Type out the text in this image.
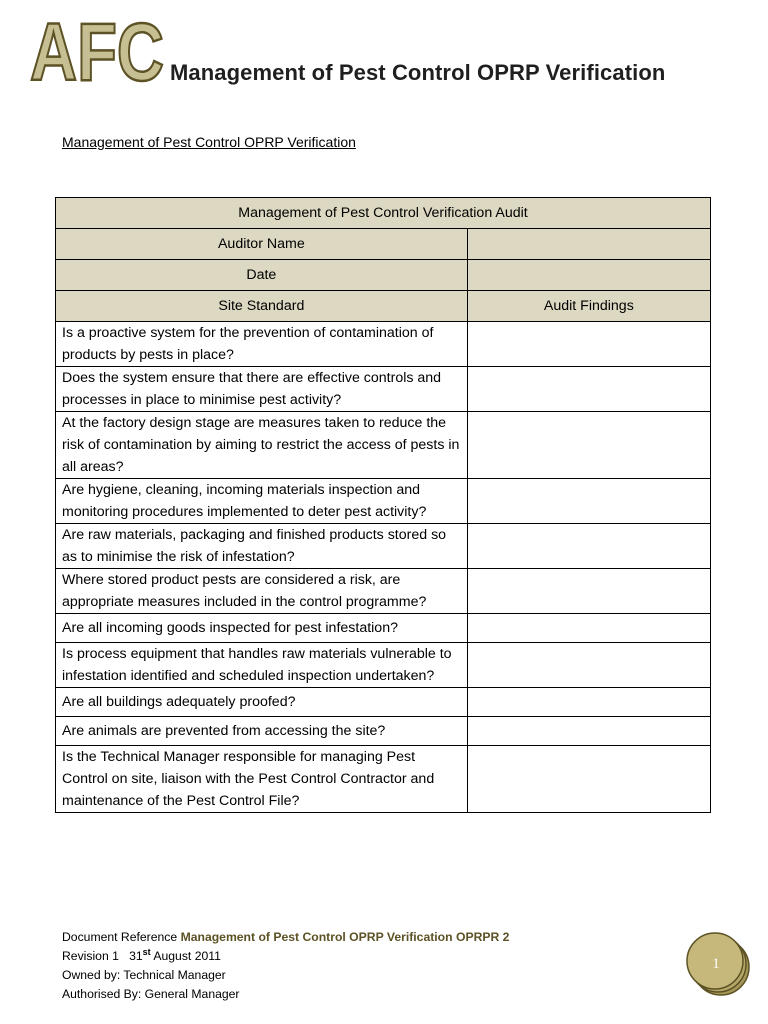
AFC Management of Pest Control OPRP Verification
Management of Pest Control OPRP Verification
Management of Pest Control Verification Audit	
Auditor Name	
Date	
Site Standard	Audit Findings
Is a proactive system for the prevention of contamination of products by pests in place?	
Does the system ensure that there are effective controls and processes in place to minimise pest activity?	
At the factory design stage are measures taken to reduce the risk of contamination by aiming to restrict the access of pests in all areas?	
Are hygiene, cleaning, incoming materials inspection and monitoring procedures implemented to deter pest activity?	
Are raw materials, packaging and finished products stored so as to minimise the risk of infestation?	
Where stored product pests are considered a risk, are appropriate measures included in the control programme?	
Are all incoming goods inspected for pest infestation?	
Is process equipment that handles raw materials vulnerable to infestation identified and scheduled inspection undertaken?	
Are all buildings adequately proofed?	
Are animals are prevented from accessing the site?	
Is the Technical Manager responsible for managing Pest Control on site, liaison with the Pest Control Contractor and maintenance of the Pest Control File?	
Document Reference Management of Pest Control OPRP Verification OPRPR 2
Revision 1 31st August 2011
Owned by: Technical Manager
Authorised By: General Manager
1
